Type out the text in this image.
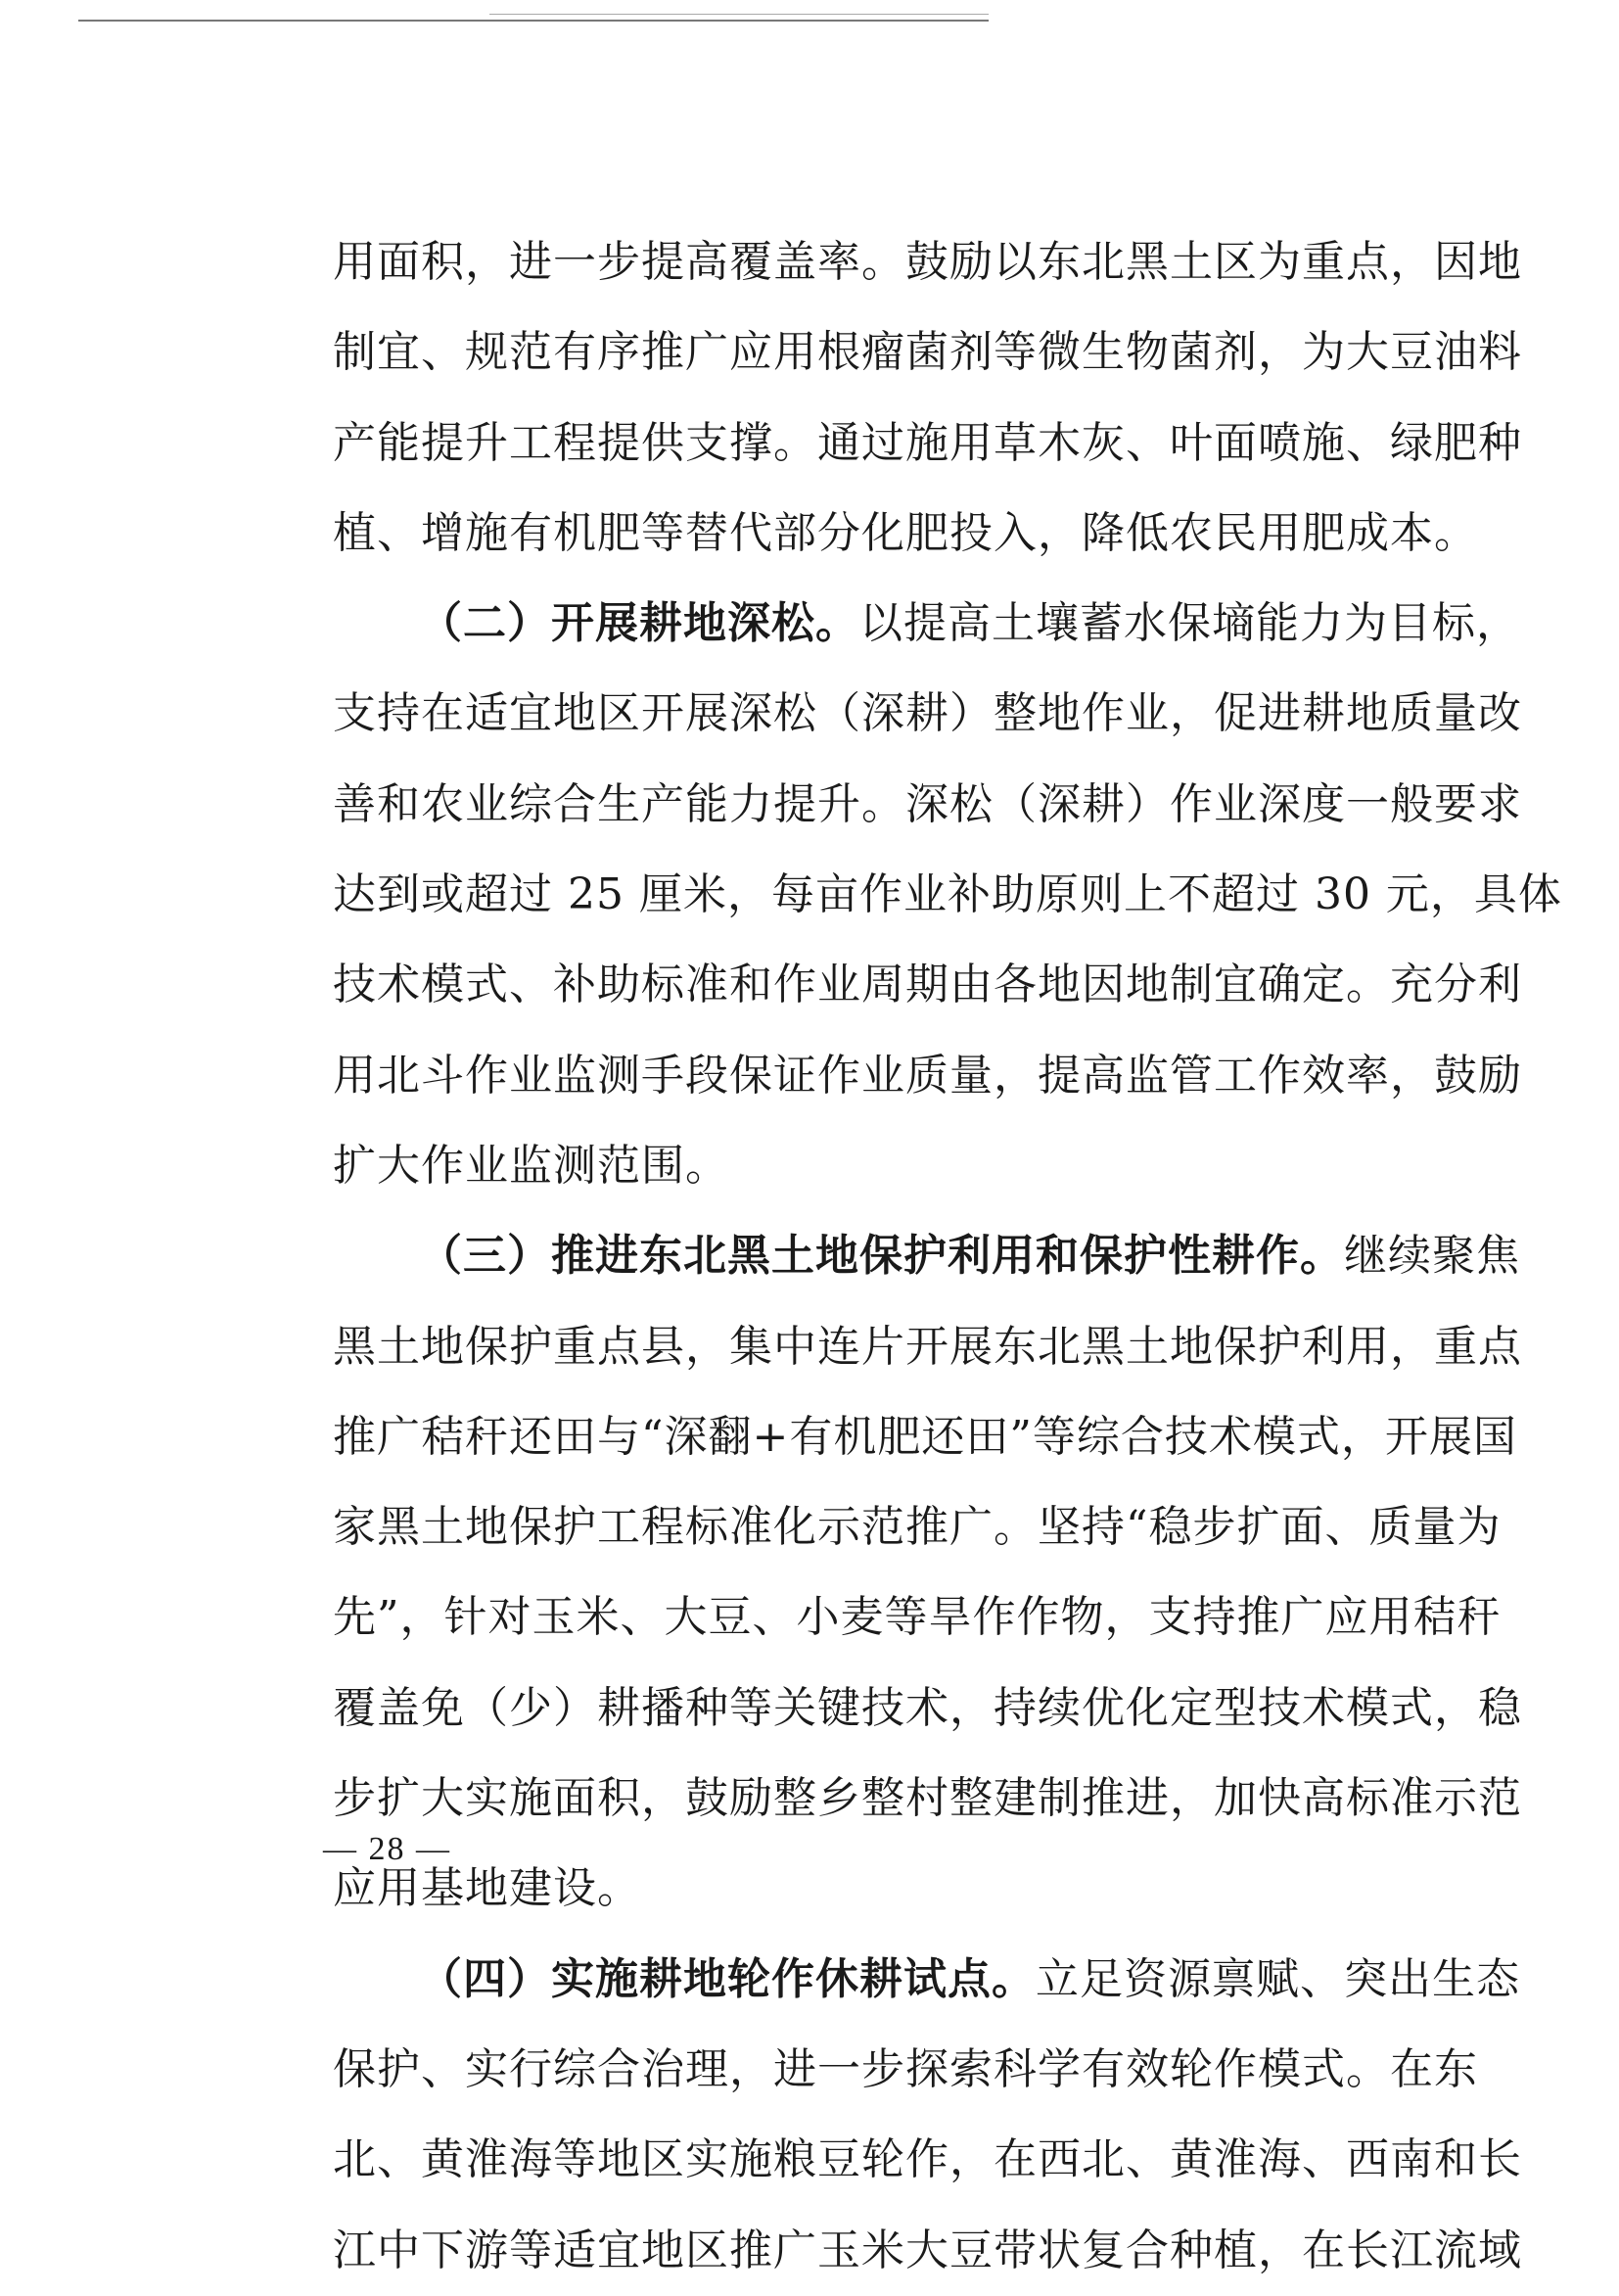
用面积，进一步提高覆盖率。鼓励以东北黑土区为重点，因地
制宜、规范有序推广应用根瘤菌剂等微生物菌剂，为大豆油料
产能提升工程提供支撑。通过施用草木灰、叶面喷施、绿肥种
植、增施有机肥等替代部分化肥投入，降低农民用肥成本。
（二）开展耕地深松。以提高土壤蓄水保墒能力为目标，
支持在适宜地区开展深松（深耕）整地作业，促进耕地质量改
善和农业综合生产能力提升。深松（深耕）作业深度一般要求
达到或超过 25 厘米，每亩作业补助原则上不超过 30 元，具体
技术模式、补助标准和作业周期由各地因地制宜确定。充分利
用北斗作业监测手段保证作业质量，提高监管工作效率，鼓励
扩大作业监测范围。
（三）推进东北黑土地保护利用和保护性耕作。继续聚焦
黑土地保护重点县，集中连片开展东北黑土地保护利用，重点
推广秸秆还田与“深翻+有机肥还田”等综合技术模式，开展国
家黑土地保护工程标准化示范推广。坚持“稳步扩面、质量为
先”，针对玉米、大豆、小麦等旱作作物，支持推广应用秸秆
覆盖免（少）耕播种等关键技术，持续优化定型技术模式，稳
步扩大实施面积，鼓励整乡整村整建制推进，加快高标准示范
应用基地建设。
（四）实施耕地轮作休耕试点。立足资源禀赋、突出生态
保护、实行综合治理，进一步探索科学有效轮作模式。在东
北、黄淮海等地区实施粮豆轮作，在西北、黄淮海、西南和长
江中下游等适宜地区推广玉米大豆带状复合种植，在长江流域
— 28 —
